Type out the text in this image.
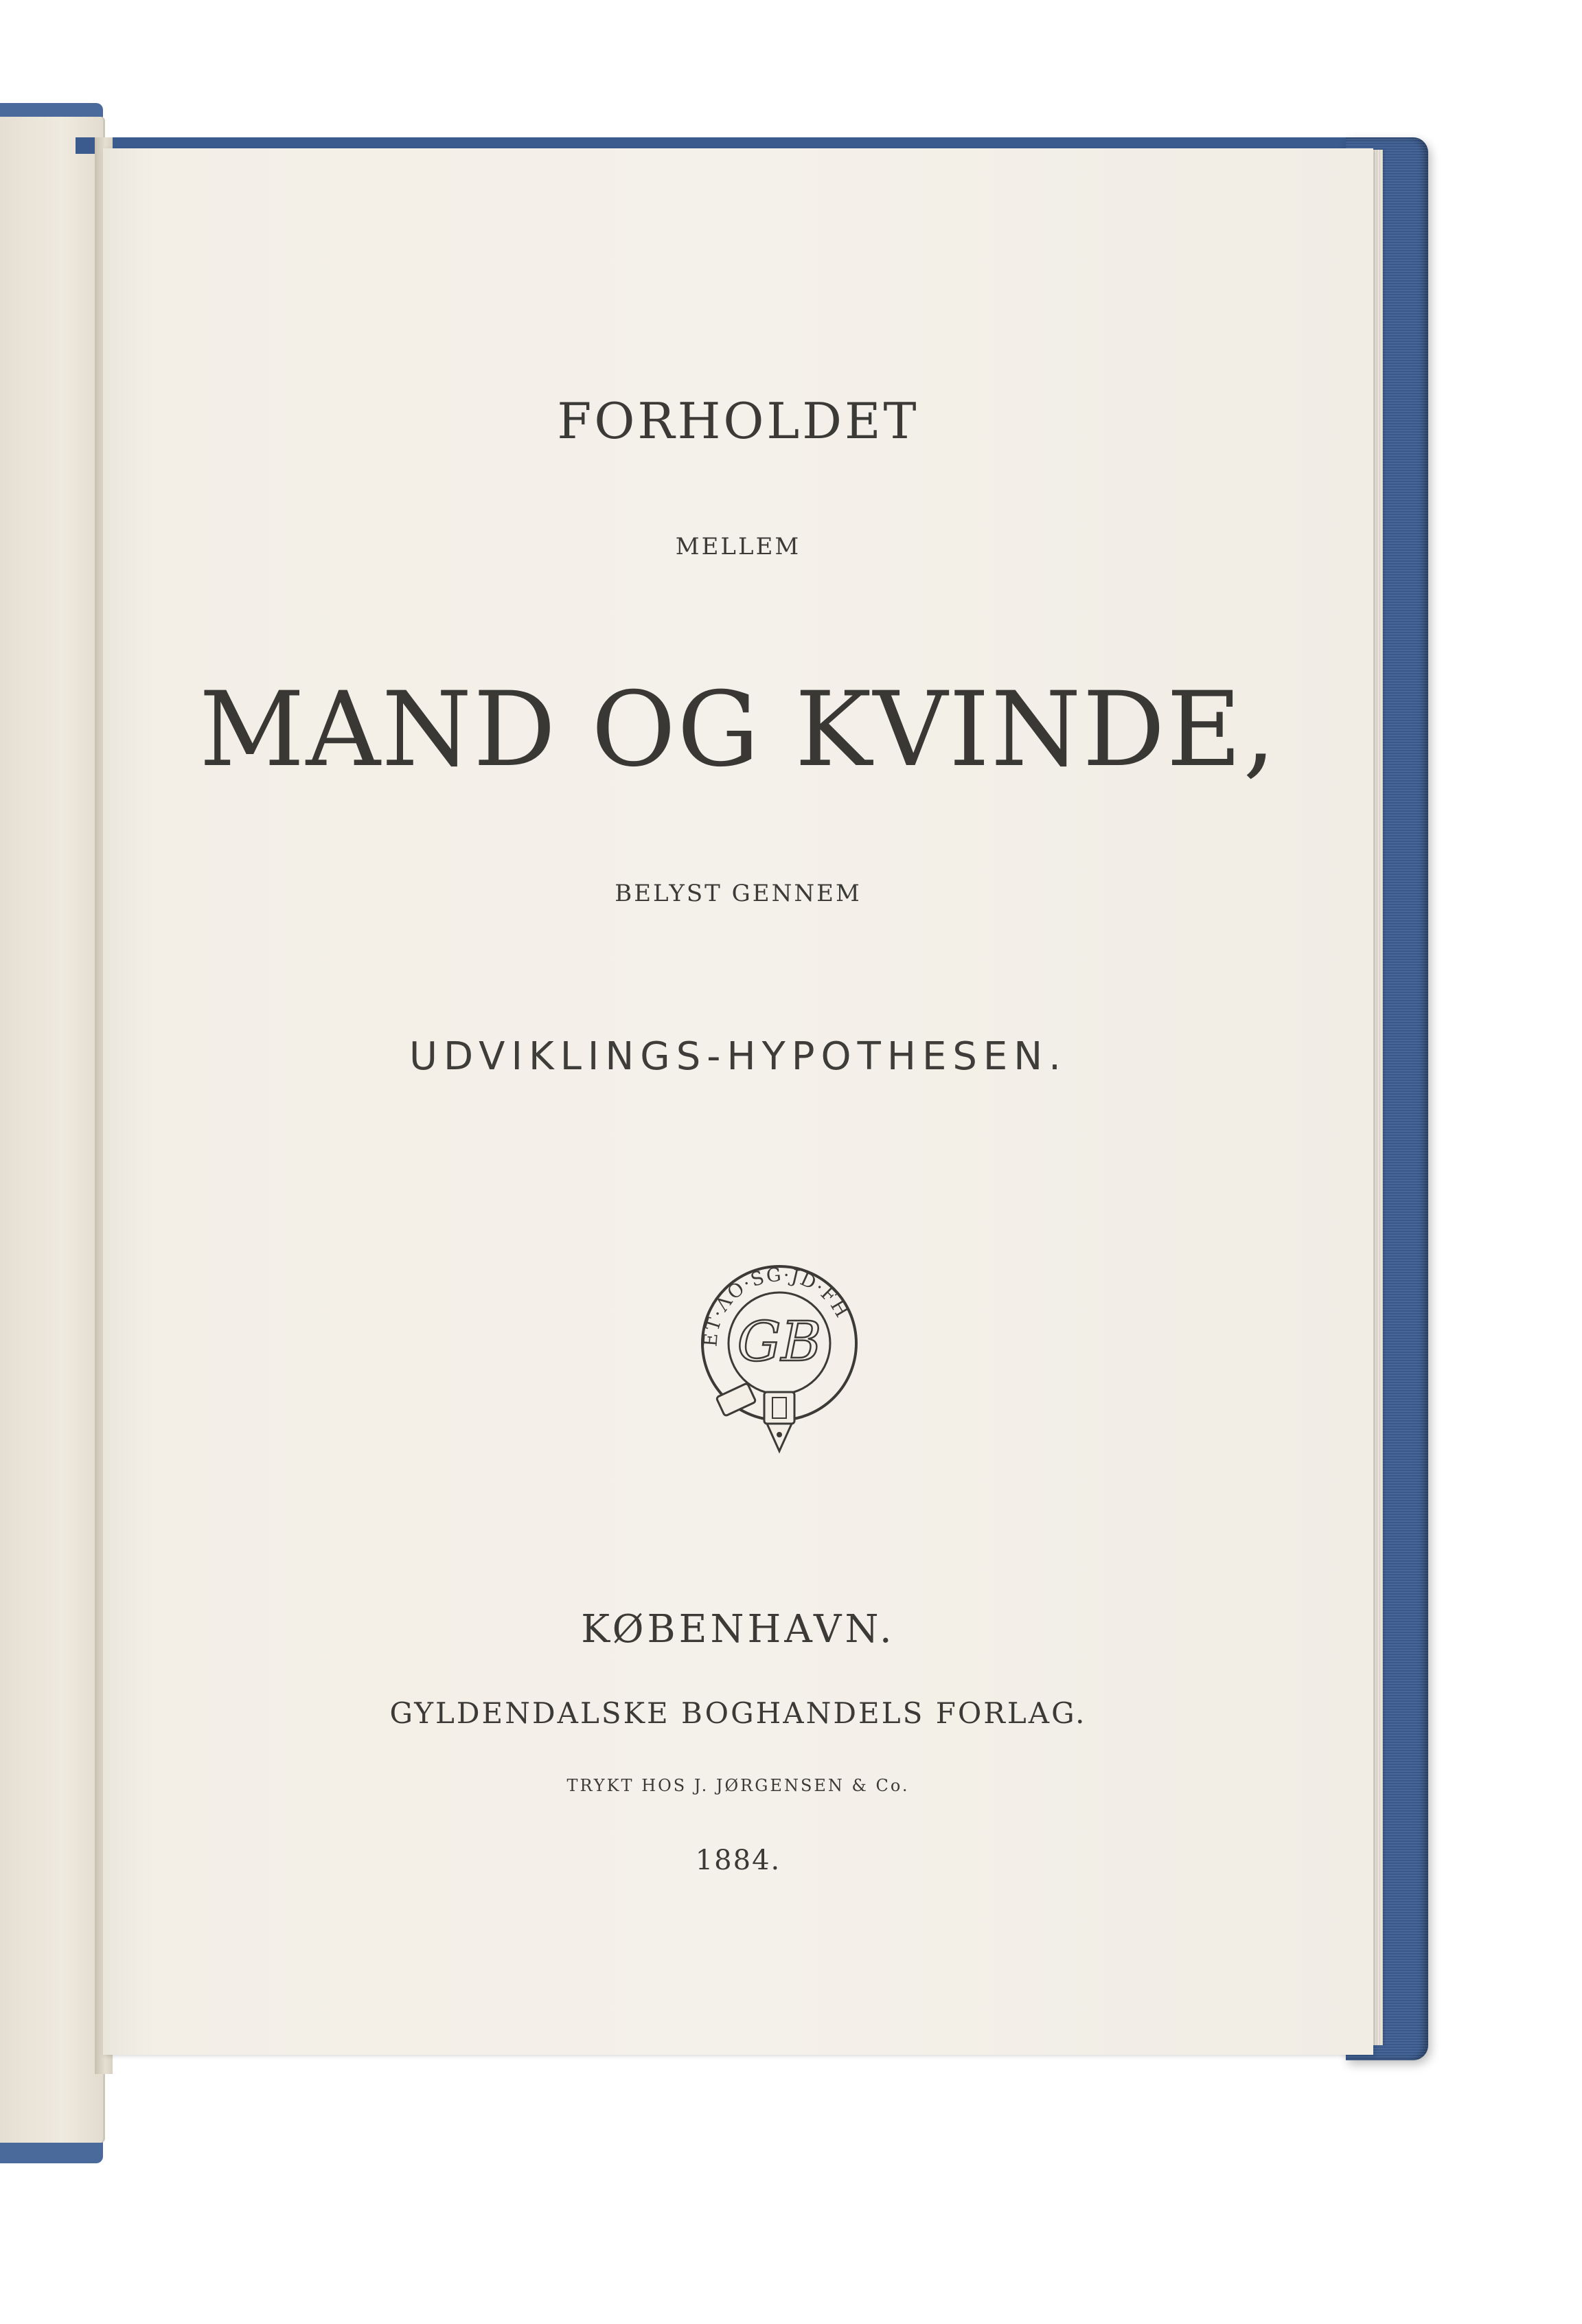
FORHOLDET
MELLEM
MAND OG KVINDE,
BELYST GENNEM
UDVIKLINGS-HYPOTHESEN.
ET·ΛO·SG·JD·FH
GB
KØBENHAVN.
GYLDENDALSKE BOGHANDELS FORLAG.
TRYKT HOS J. JØRGENSEN & Co.
1884.
